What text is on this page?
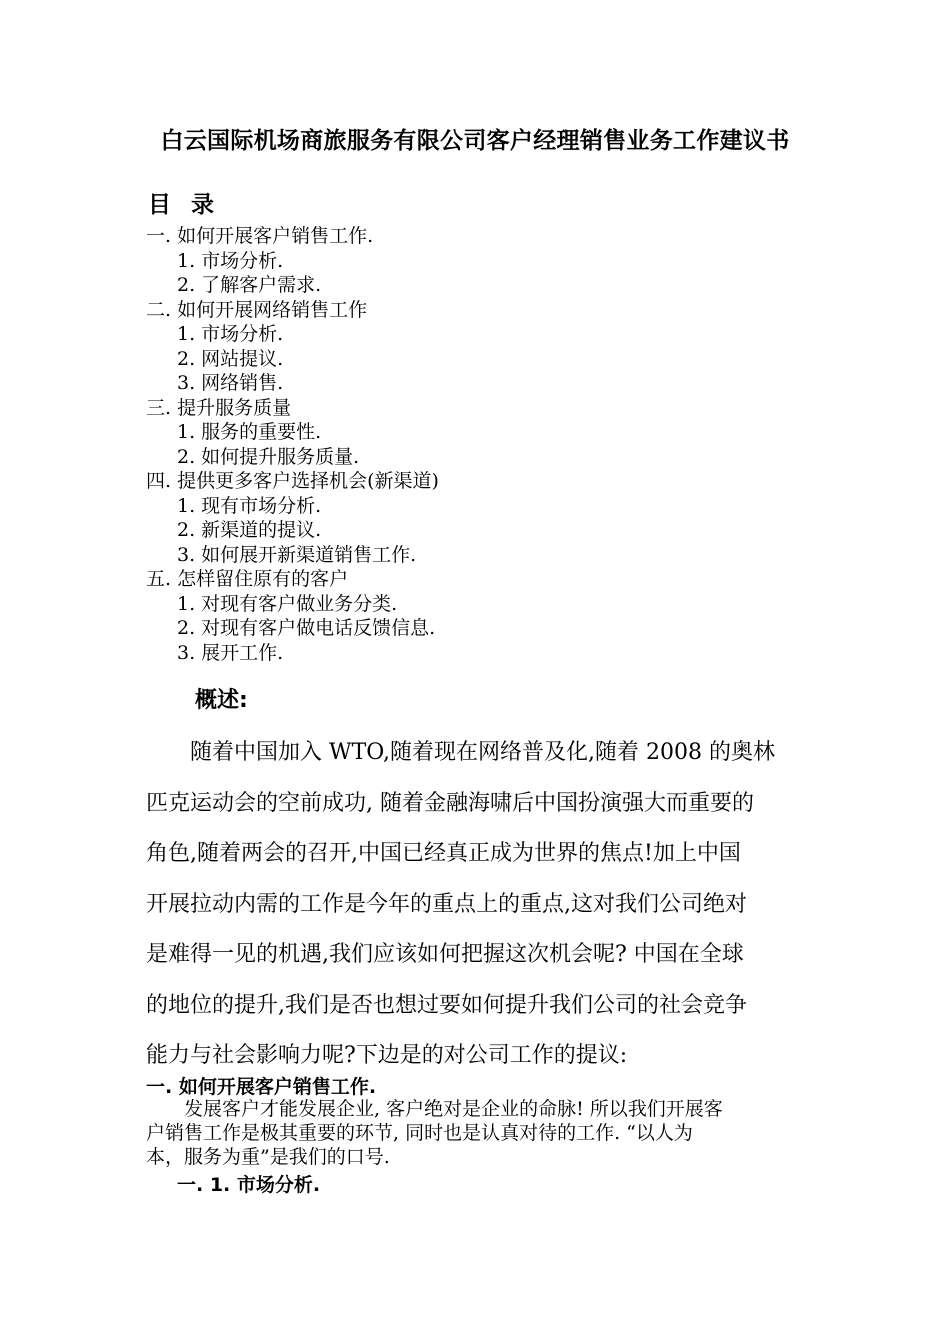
白云国际机场商旅服务有限公司客户经理销售业务工作建议书
目 录
一. 如何开展客户销售工作.
1. 市场分析.
2. 了解客户需求.
二. 如何开展网络销售工作
1. 市场分析.
2. 网站提议.
3. 网络销售.
三. 提升服务质量
1. 服务的重要性.
2. 如何提升服务质量.
四. 提供更多客户选择机会(新渠道)
1. 现有市场分析.
2. 新渠道的提议.
3. 如何展开新渠道销售工作.
五. 怎样留住原有的客户
1. 对现有客户做业务分类.
2. 对现有客户做电话反馈信息.
3. 展开工作.
概述:
　　随着中国加入 WTO,随着现在网络普及化,随着 2008 的奥林
匹克运动会的空前成功, 随着金融海啸后中国扮演强大而重要的
角色,随着两会的召开,中国已经真正成为世界的焦点!加上中国
开展拉动内需的工作是今年的重点上的重点,这对我们公司绝对
是难得一见的机遇,我们应该如何把握这次机会呢? 中国在全球
的地位的提升,我们是否也想过要如何提升我们公司的社会竞争
能力与社会影响力呢?下边是的对公司工作的提议:
一. 如何开展客户销售工作.
　　发展客户才能发展企业, 客户绝对是企业的命脉! 所以我们开展客
户销售工作是极其重要的环节, 同时也是认真对待的工作. “以人为
本，服务为重”是我们的口号.
一. 1. 市场分析.
